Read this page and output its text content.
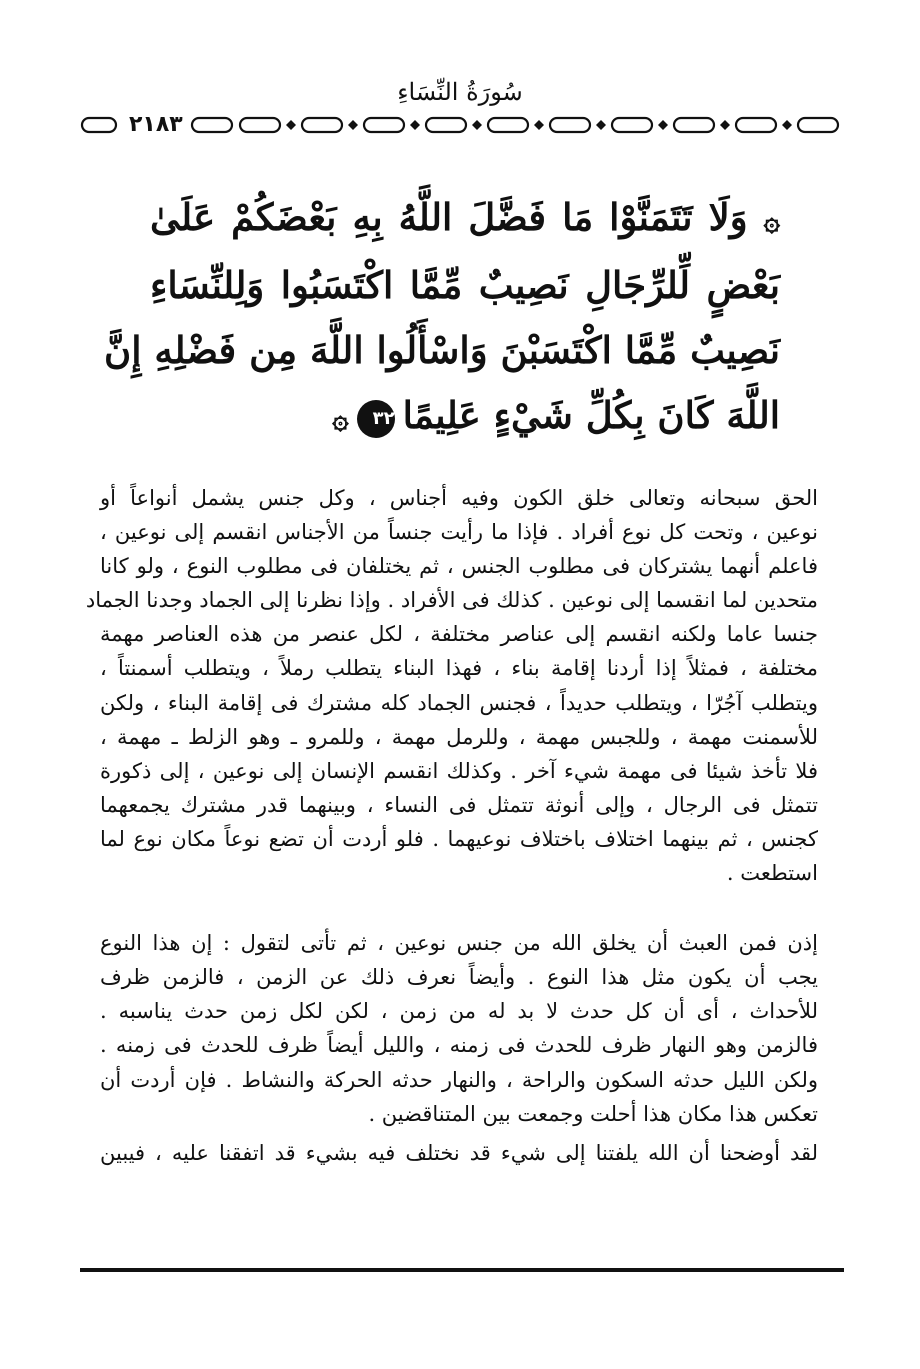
سُورَةُ النِّسَاءِ
٢١٨٣
۞ وَلَا تَتَمَنَّوْا مَا فَضَّلَ اللَّهُ بِهِ بَعْضَكُمْ عَلَىٰ
بَعْضٍ لِّلرِّجَالِ نَصِيبٌ مِّمَّا اكْتَسَبُوا وَلِلنِّسَاءِ
نَصِيبٌ مِّمَّا اكْتَسَبْنَ وَاسْأَلُوا اللَّهَ مِن فَضْلِهِ إِنَّ
اللَّهَ كَانَ بِكُلِّ شَيْءٍ عَلِيمًا٣٢۞
الحق سبحانه وتعالى خلق الكون وفيه أجناس ، وكل جنس يشمل أنواعاً أو
نوعين ، وتحت كل نوع أفراد . فإذا ما رأيت جنساً من الأجناس انقسم إلى نوعين ،
فاعلم أنهما يشتركان فى مطلوب الجنس ، ثم يختلفان فى مطلوب النوع ، ولو كانا
متحدين لما انقسما إلى نوعين . كذلك فى الأفراد . وإذا نظرنا إلى الجماد وجدنا الجماد
جنسا عاما ولكنه انقسم إلى عناصر مختلفة ، لكل عنصر من هذه العناصر مهمة
مختلفة ، فمثلاً إذا أردنا إقامة بناء ، فهذا البناء يتطلب رملاً ، ويتطلب أسمنتاً ،
ويتطلب آجُرّا ، ويتطلب حديداً ، فجنس الجماد كله مشترك فى إقامة البناء ، ولكن
للأسمنت مهمة ، وللجبس مهمة ، وللرمل مهمة ، وللمرو ـ وهو الزلط ـ مهمة ،
فلا تأخذ شيئا فى مهمة شيء آخر . وكذلك انقسم الإنسان إلى نوعين ، إلى ذكورة
تتمثل فى الرجال ، وإلى أنوثة تتمثل فى النساء ، وبينهما قدر مشترك يجمعهما
كجنس ، ثم بينهما اختلاف باختلاف نوعيهما . فلو أردت أن تضع نوعاً مكان نوع لما
استطعت .
إذن فمن العبث أن يخلق الله من جنس نوعين ، ثم تأتى لتقول : إن هذا النوع
يجب أن يكون مثل هذا النوع . وأيضاً نعرف ذلك عن الزمن ، فالزمن ظرف
للأحداث ، أى أن كل حدث لا بد له من زمن ، لكن لكل زمن حدث يناسبه .
فالزمن وهو النهار ظرف للحدث فى زمنه ، والليل أيضاً ظرف للحدث فى زمنه .
ولكن الليل حدثه السكون والراحة ، والنهار حدثه الحركة والنشاط . فإن أردت أن
تعكس هذا مكان هذا أحلت وجمعت بين المتناقضين .
لقد أوضحنا أن الله يلفتنا إلى شيء قد نختلف فيه بشيء قد اتفقنا عليه ، فيبين
